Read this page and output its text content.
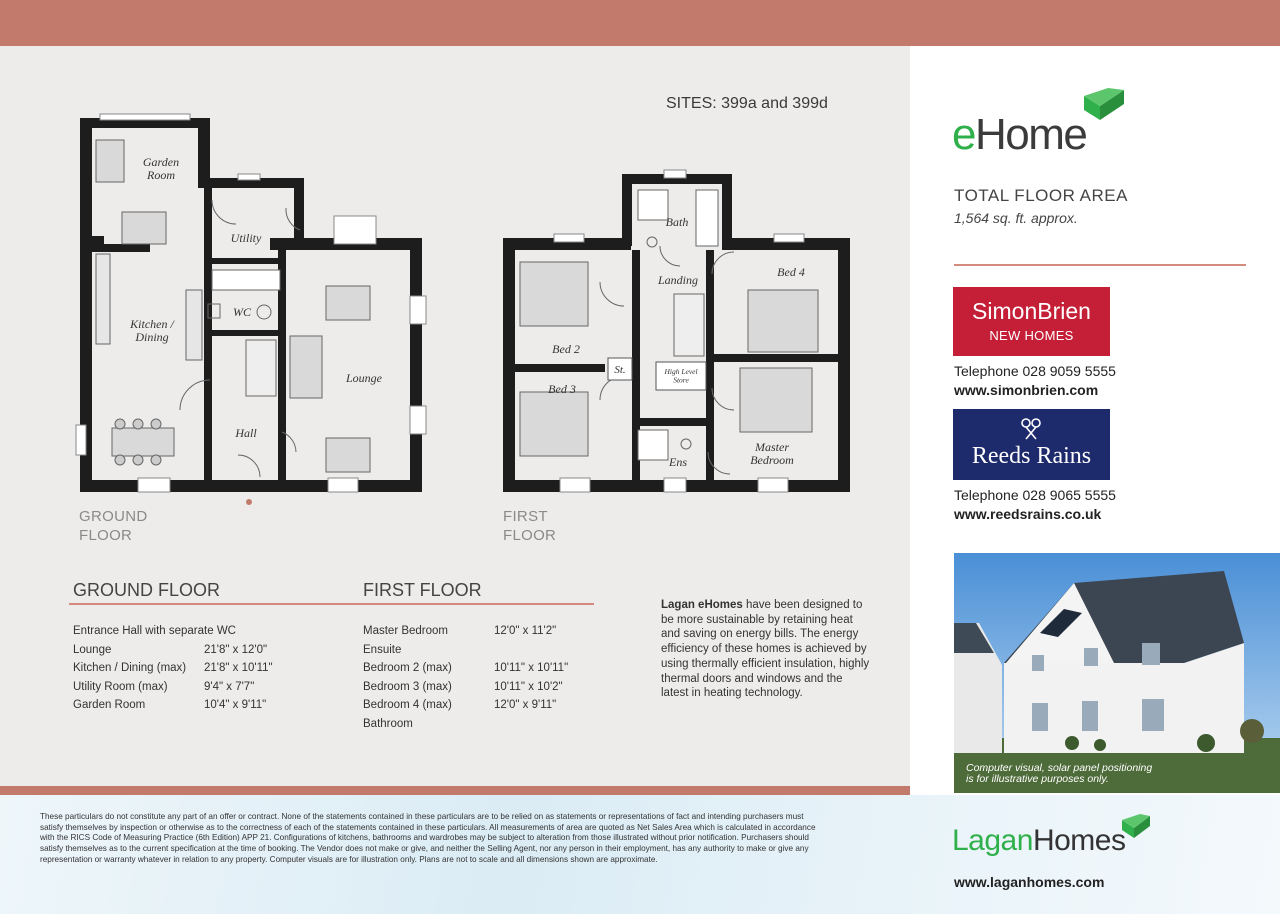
SITES: 399a and 399d
Garden Room
Utility
WC
Kitchen / Dining
Lounge
Hall
Bath
Landing
Bed 4
Bed 2
St.	High Level Store
Bed 3
Ens
Master Bedroom
GROUND
FLOOR
FIRST
FLOOR
GROUND FLOOR	FIRST FLOOR
Entrance Hall with separate WC
Lounge	21'8" x 12'0"
Kitchen / Dining (max) 21'8" x 10'11"
Utility Room (max)	9'4" x 7'7"
Garden Room	10'4" x 9'11"
Master Bedroom	12'0" x 11'2"
Ensuite
Bedroom 2 (max)	10'11" x 10'11"
Bedroom 3 (max)	10'11" x 10'2"
Bedroom 4 (max)	12'0" x 9'11"
Bathroom
Lagan eHomes have been designed to be more sustainable by retaining heat and saving on energy bills. The energy efficiency of these homes is achieved by using thermally efficient insulation, highly thermal doors and windows and the latest in heating technology.
eHome
TOTAL FLOOR AREA
1,564 sq. ft. approx.
SimonBrien
NEW HOMES
Telephone 028 9059 5555
www.simonbrien.com
Reeds Rains
Telephone 028 9065 5555
www.reedsrains.co.uk
Computer visual, solar panel positioning
is for illustrative purposes only.
These particulars do not constitute any part of an offer or contract. None of the statements contained in these particulars are to be relied on as statements or representations of fact and intending purchasers must satisfy themselves by inspection or otherwise as to the correctness of each of the statements contained in these particulars. All measurements of area are quoted as Net Sales Area which is calculated in accordance with the RICS Code of Measuring Practice (6th Edition) APP 21. Configurations of kitchens, bathrooms and wardrobes may be subject to alteration from those illustrated without prior notification. Purchasers should satisfy themselves as to the current specification at the time of booking. The Vendor does not make or give, and neither the Selling Agent, nor any person in their employment, has any authority to make or give any representation or warranty whatever in relation to any property. Computer visuals are for illustration only. Plans are not to scale and all dimensions shown are approximate.
LaganHomes
www.laganhomes.com
